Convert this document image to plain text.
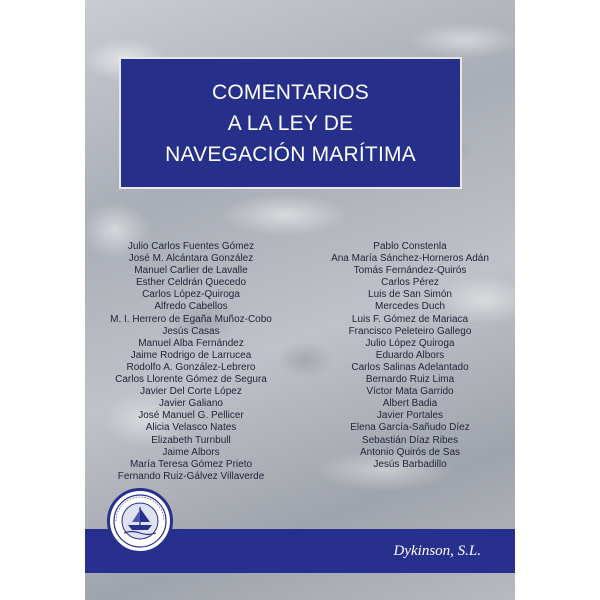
COMENTARIOS
A LA LEY DE
NAVEGACIÓN MARÍTIMA
Julio Carlos Fuentes Gómez
José M. Alcántara González
Manuel Carlier de Lavalle
Esther Celdrán Quecedo
Carlos López-Quiroga
Alfredo Cabellos
M. I. Herrero de Egaña Muñoz-Cobo
Jesús Casas
Manuel Alba Fernández
Jaime Rodrigo de Larrucea
Rodolfo A. González-Lebrero
Carlos Llorente Gómez de Segura
Javier Del Corte López
Javier Galiano
José Manuel G. Pellicer
Alicia Velasco Nates
Elizabeth Turnbull
Jaime Albors
María Teresa Gómez Prieto
Fernando Ruiz-Gálvez Villaverde
Pablo Constenla
Ana María Sánchez-Horneros Adán
Tomás Fernández-Quirós
Carlos Pérez
Luis de San Simón
Mercedes Duch
Luis F. Gómez de Mariaca
Francisco Peleteiro Gallego
Julio López Quiroga
Eduardo Albors
Carlos Salinas Adelantado
Bernardo Ruiz Lima
Víctor Mata Garrido
Albert Badia
Javier Portales
Elena García-Sañudo Díez
Sebastián Díaz Ribes
Antonio Quirós de Sas
Jesús Barbadillo
Dykinson, S.L.
